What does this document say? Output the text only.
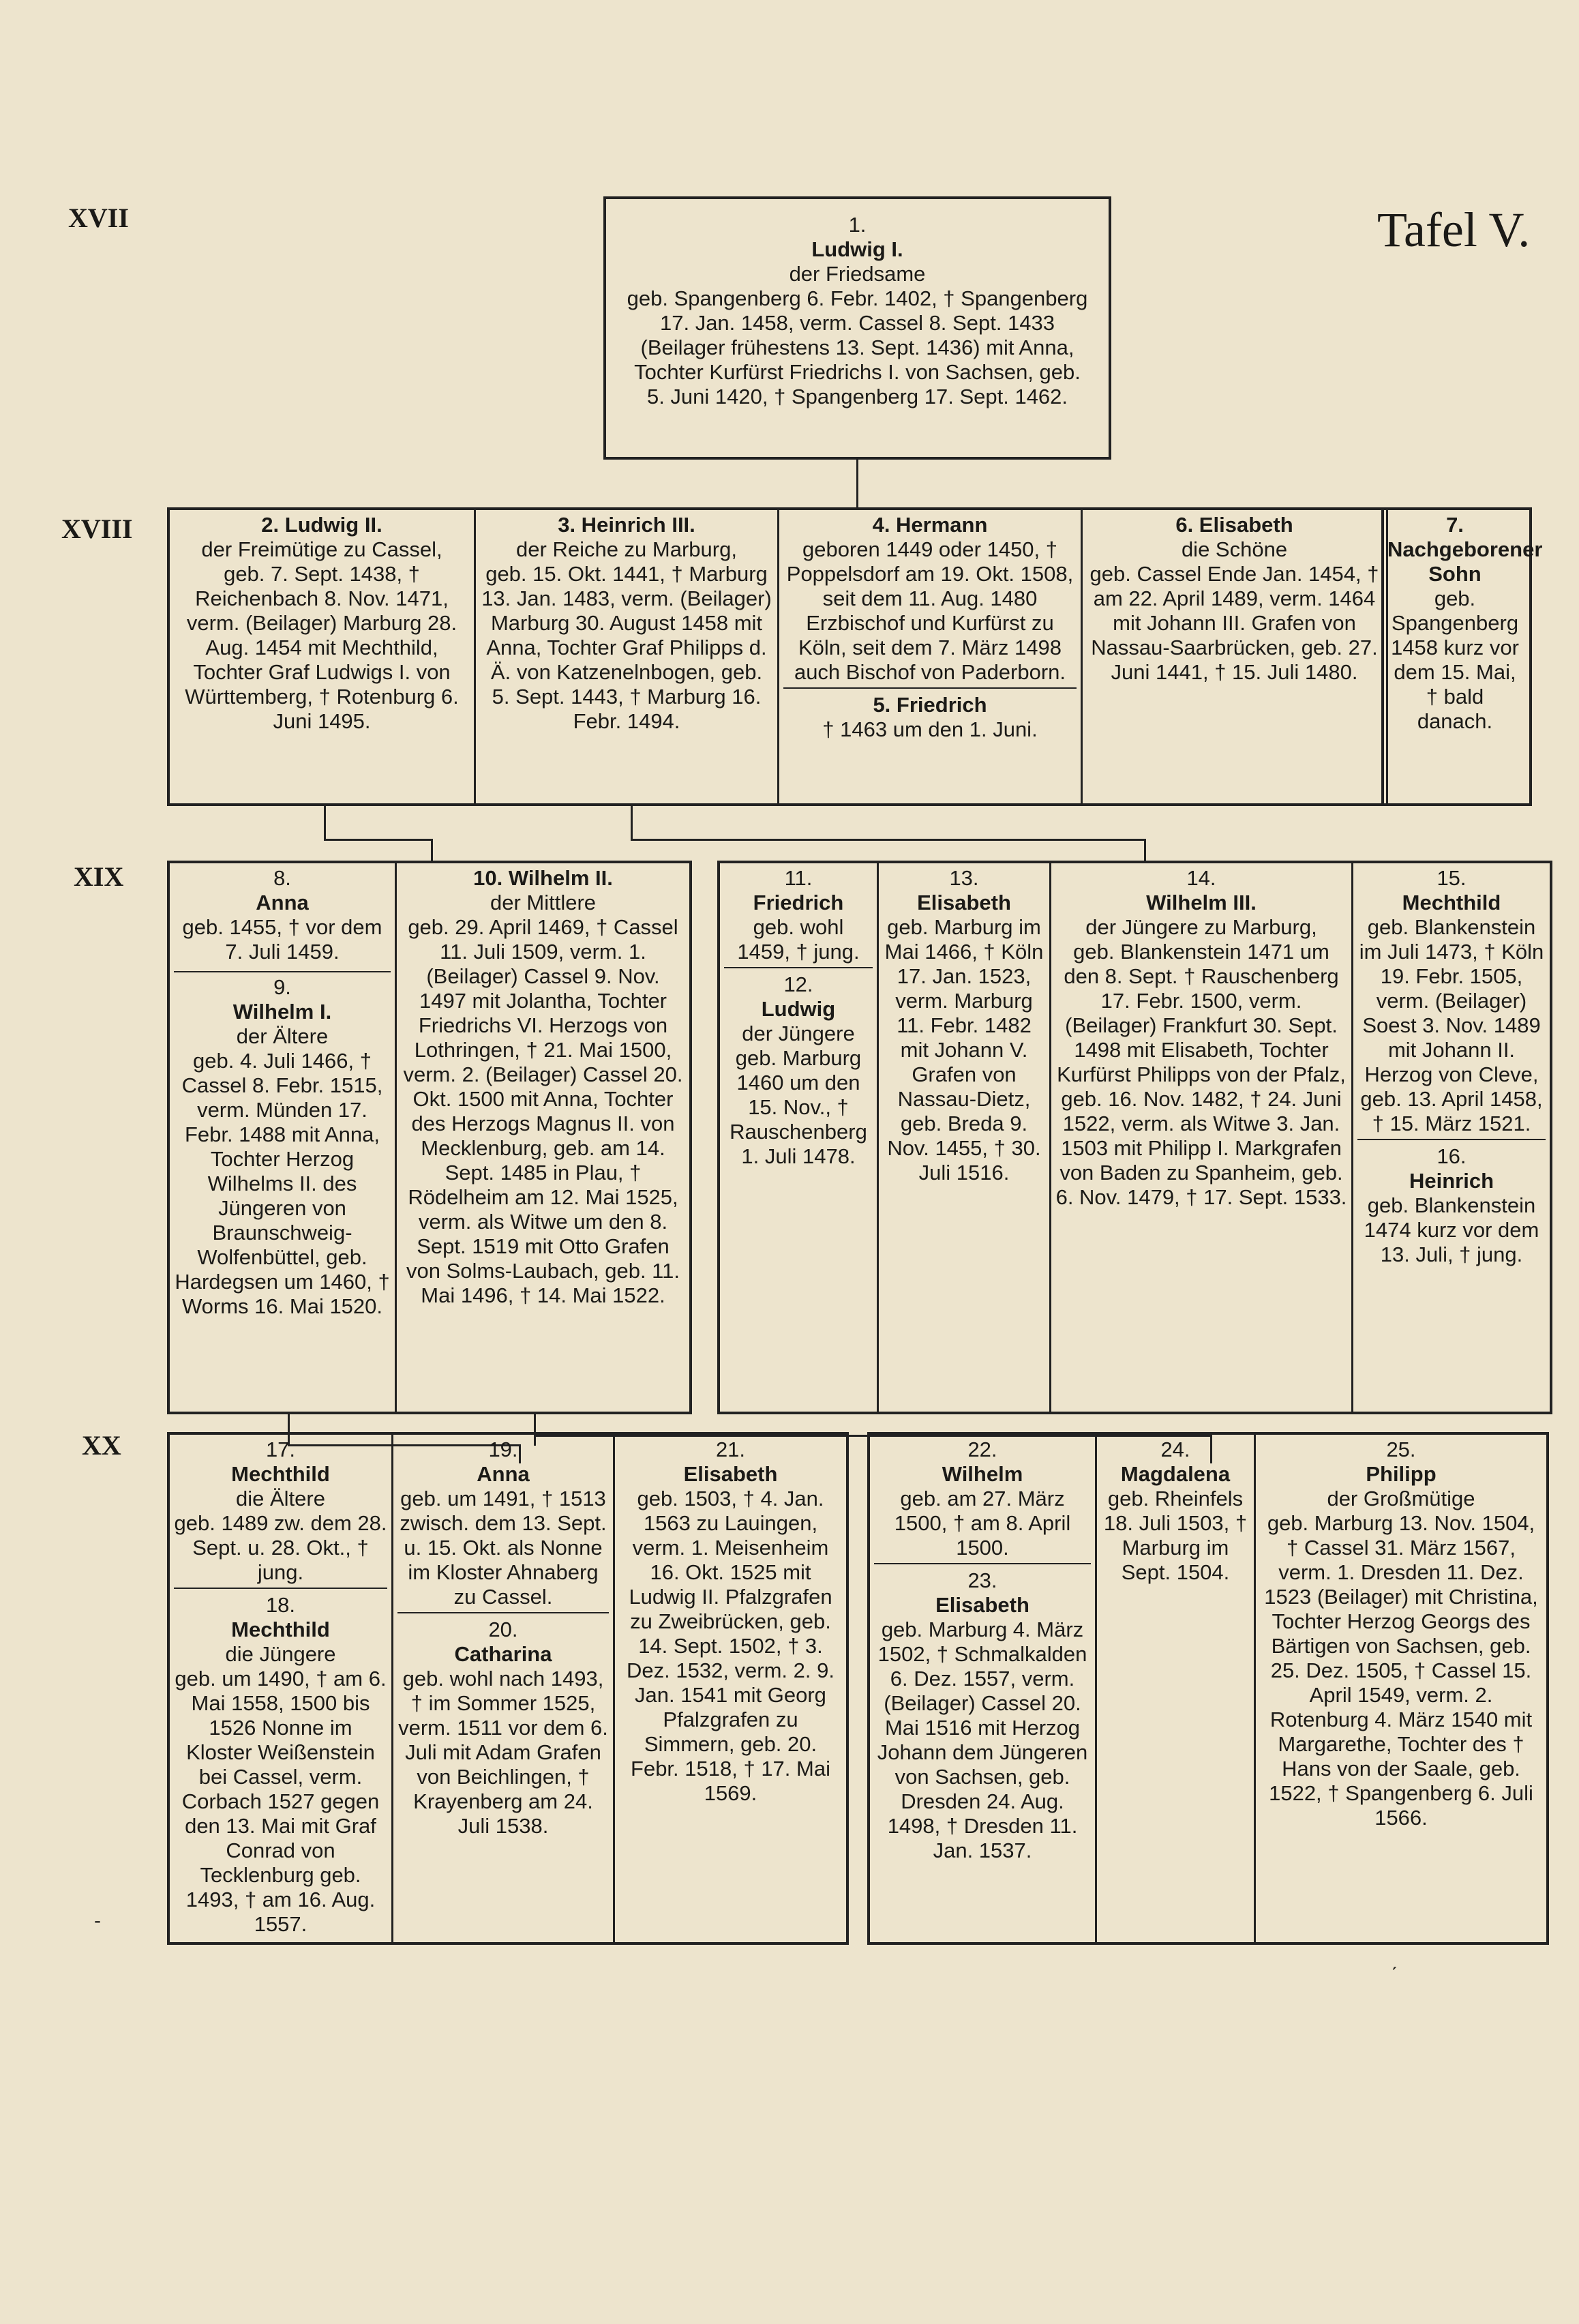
Tafel V.
XVII
XVIII
XIX
XX
1.
Ludwig I.
der Friedsame
geb. Spangenberg 6. Febr. 1402, † Spangenberg 17. Jan. 1458, verm. Cassel 8. Sept. 1433 (Beilager frühestens 13. Sept. 1436) mit Anna, Tochter Kurfürst Friedrichs I. von Sachsen, geb. 5. Juni 1420, † Spangenberg 17. Sept. 1462.
2. Ludwig II.
der Freimütige zu Cassel,
geb. 7. Sept. 1438, † Reichenbach 8. Nov. 1471, verm. (Beilager) Marburg 28. Aug. 1454 mit Mechthild, Tochter Graf Ludwigs I. von Württemberg, † Rotenburg 6. Juni 1495.
3. Heinrich III.
der Reiche zu Marburg,
geb. 15. Okt. 1441, † Marburg 13. Jan. 1483, verm. (Beilager) Marburg 30. August 1458 mit Anna, Tochter Graf Philipps d. Ä. von Katzenelnbogen, geb. 5. Sept. 1443, † Marburg 16. Febr. 1494.
4. Hermann
geboren 1449 oder 1450, † Poppelsdorf am 19. Okt. 1508, seit dem 11. Aug. 1480 Erzbischof und Kurfürst zu Köln, seit dem 7. März 1498 auch Bischof von Paderborn.
5. Friedrich
† 1463 um den 1. Juni.
6. Elisabeth
die Schöne
geb. Cassel Ende Jan. 1454, † am 22. April 1489, verm. 1464 mit Johann III. Grafen von Nassau-Saarbrücken, geb. 27. Juni 1441, † 15. Juli 1480.
7. Nachgeborener Sohn
geb. Spangenberg 1458 kurz vor dem 15. Mai, † bald danach.
8.
Anna
geb. 1455, † vor dem 7. Juli 1459.
9.
Wilhelm I.
der Ältere
geb. 4. Juli 1466, † Cassel 8. Febr. 1515, verm. Münden 17. Febr. 1488 mit Anna, Tochter Herzog Wilhelms II. des Jüngeren von Braunschweig-Wolfenbüttel, geb. Hardegsen um 1460, † Worms 16. Mai 1520.
10. Wilhelm II.
der Mittlere
geb. 29. April 1469, † Cassel 11. Juli 1509, verm. 1. (Beilager) Cassel 9. Nov. 1497 mit Jolantha, Tochter Friedrichs VI. Herzogs von Lothringen, † 21. Mai 1500, verm. 2. (Beilager) Cassel 20. Okt. 1500 mit Anna, Tochter des Herzogs Magnus II. von Mecklenburg, geb. am 14. Sept. 1485 in Plau, † Rödelheim am 12. Mai 1525, verm. als Witwe um den 8. Sept. 1519 mit Otto Grafen von Solms-Laubach, geb. 11. Mai 1496, † 14. Mai 1522.
11.
Friedrich
geb. wohl 1459, † jung.
12.
Ludwig
der Jüngere
geb. Marburg 1460 um den 15. Nov., † Rauschenberg 1. Juli 1478.
13.
Elisabeth
geb. Marburg im Mai 1466, † Köln 17. Jan. 1523, verm. Marburg 11. Febr. 1482 mit Johann V. Grafen von Nassau-Dietz, geb. Breda 9. Nov. 1455, † 30. Juli 1516.
14.
Wilhelm III.
der Jüngere zu Marburg,
geb. Blankenstein 1471 um den 8. Sept. † Rauschenberg 17. Febr. 1500, verm. (Beilager) Frankfurt 30. Sept. 1498 mit Elisabeth, Tochter Kurfürst Philipps von der Pfalz, geb. 16. Nov. 1482, † 24. Juni 1522, verm. als Witwe 3. Jan. 1503 mit Philipp I. Markgrafen von Baden zu Spanheim, geb. 6. Nov. 1479, † 17. Sept. 1533.
15.
Mechthild
geb. Blankenstein im Juli 1473, † Köln 19. Febr. 1505, verm. (Beilager) Soest 3. Nov. 1489 mit Johann II. Herzog von Cleve, geb. 13. April 1458, † 15. März 1521.
16.
Heinrich
geb. Blankenstein 1474 kurz vor dem 13. Juli, † jung.
17.
Mechthild
die Ältere
geb. 1489 zw. dem 28. Sept. u. 28. Okt., † jung.
18.
Mechthild
die Jüngere
geb. um 1490, † am 6. Mai 1558, 1500 bis 1526 Nonne im Kloster Weißenstein bei Cassel, verm. Corbach 1527 gegen den 13. Mai mit Graf Conrad von Tecklenburg geb. 1493, † am 16. Aug. 1557.
19.
Anna
geb. um 1491, † 1513 zwisch. dem 13. Sept. u. 15. Okt. als Nonne im Kloster Ahnaberg zu Cassel.
20.
Catharina
geb. wohl nach 1493, † im Sommer 1525, verm. 1511 vor dem 6. Juli mit Adam Grafen von Beichlingen, † Krayenberg am 24. Juli 1538.
21.
Elisabeth
geb. 1503, † 4. Jan. 1563 zu Lauingen, verm. 1. Meisenheim 16. Okt. 1525 mit Ludwig II. Pfalzgrafen zu Zweibrücken, geb. 14. Sept. 1502, † 3. Dez. 1532, verm. 2. 9. Jan. 1541 mit Georg Pfalzgrafen zu Simmern, geb. 20. Febr. 1518, † 17. Mai 1569.
22.
Wilhelm
geb. am 27. März 1500, † am 8. April 1500.
23.
Elisabeth
geb. Marburg 4. März 1502, † Schmalkalden 6. Dez. 1557, verm. (Beilager) Cassel 20. Mai 1516 mit Herzog Johann dem Jüngeren von Sachsen, geb. Dresden 24. Aug. 1498, † Dresden 11. Jan. 1537.
24.
Magdalena
geb. Rheinfels 18. Juli 1503, † Marburg im Sept. 1504.
25.
Philipp
der Großmütige
geb. Marburg 13. Nov. 1504, † Cassel 31. März 1567, verm. 1. Dresden 11. Dez. 1523 (Beilager) mit Christina, Tochter Herzog Georgs des Bärtigen von Sachsen, geb. 25. Dez. 1505, † Cassel 15. April 1549, verm. 2. Rotenburg 4. März 1540 mit Margarethe, Tochter des † Hans von der Saale, geb. 1522, † Spangenberg 6. Juli 1566.
-
ˊ
